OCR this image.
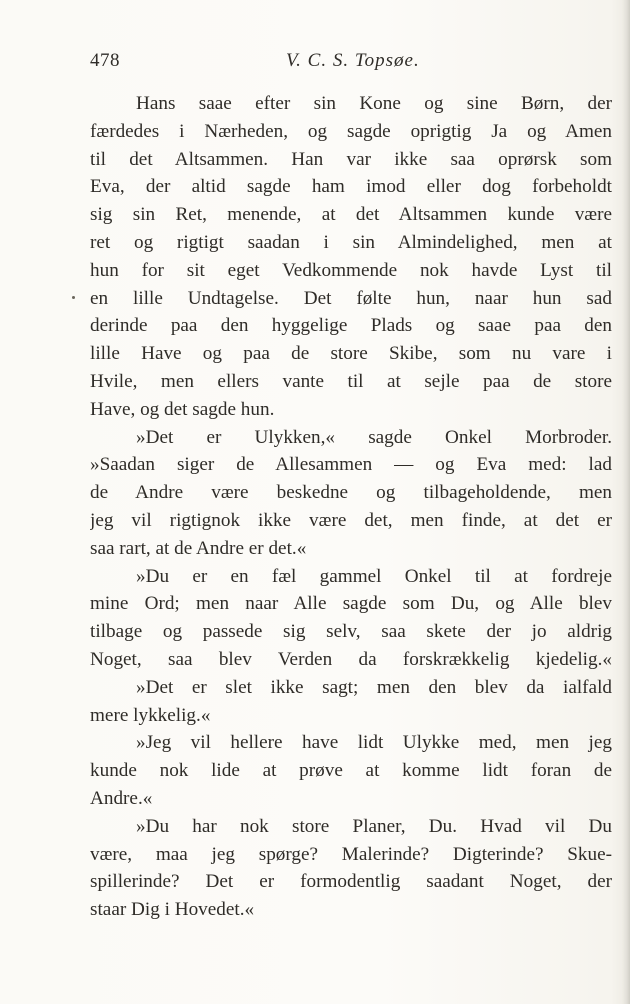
478	V. C. S. Topsøe.
Hans saae efter sin Kone og sine Børn, der
færdedes i Nærheden, og sagde oprigtig Ja og Amen
til det Altsammen. Han var ikke saa oprørsk som
Eva, der altid sagde ham imod eller dog forbeholdt
sig sin Ret, menende, at det Altsammen kunde være
ret og rigtigt saadan i sin Almindelighed, men at
hun for sit eget Vedkommende nok havde Lyst til
en lille Undtagelse. Det følte hun, naar hun sad
derinde paa den hyggelige Plads og saae paa den
lille Have og paa de store Skibe, som nu vare i
Hvile, men ellers vante til at sejle paa de store
Have, og det sagde hun.
»Det er Ulykken,« sagde Onkel Morbroder.
»Saadan siger de Allesammen — og Eva med: lad
de Andre være beskedne og tilbageholdende, men
jeg vil rigtignok ikke være det, men finde, at det er
saa rart, at de Andre er det.«
»Du er en fæl gammel Onkel til at fordreje
mine Ord; men naar Alle sagde som Du, og Alle blev
tilbage og passede sig selv, saa skete der jo aldrig
Noget, saa blev Verden da forskrækkelig kjedelig.«
»Det er slet ikke sagt; men den blev da ialfald
mere lykkelig.«
»Jeg vil hellere have lidt Ulykke med, men jeg
kunde nok lide at prøve at komme lidt foran de
Andre.«
»Du har nok store Planer, Du. Hvad vil Du
være, maa jeg spørge? Malerinde? Digterinde? Skue-
spillerinde? Det er formodentlig saadant Noget, der
staar Dig i Hovedet.«
